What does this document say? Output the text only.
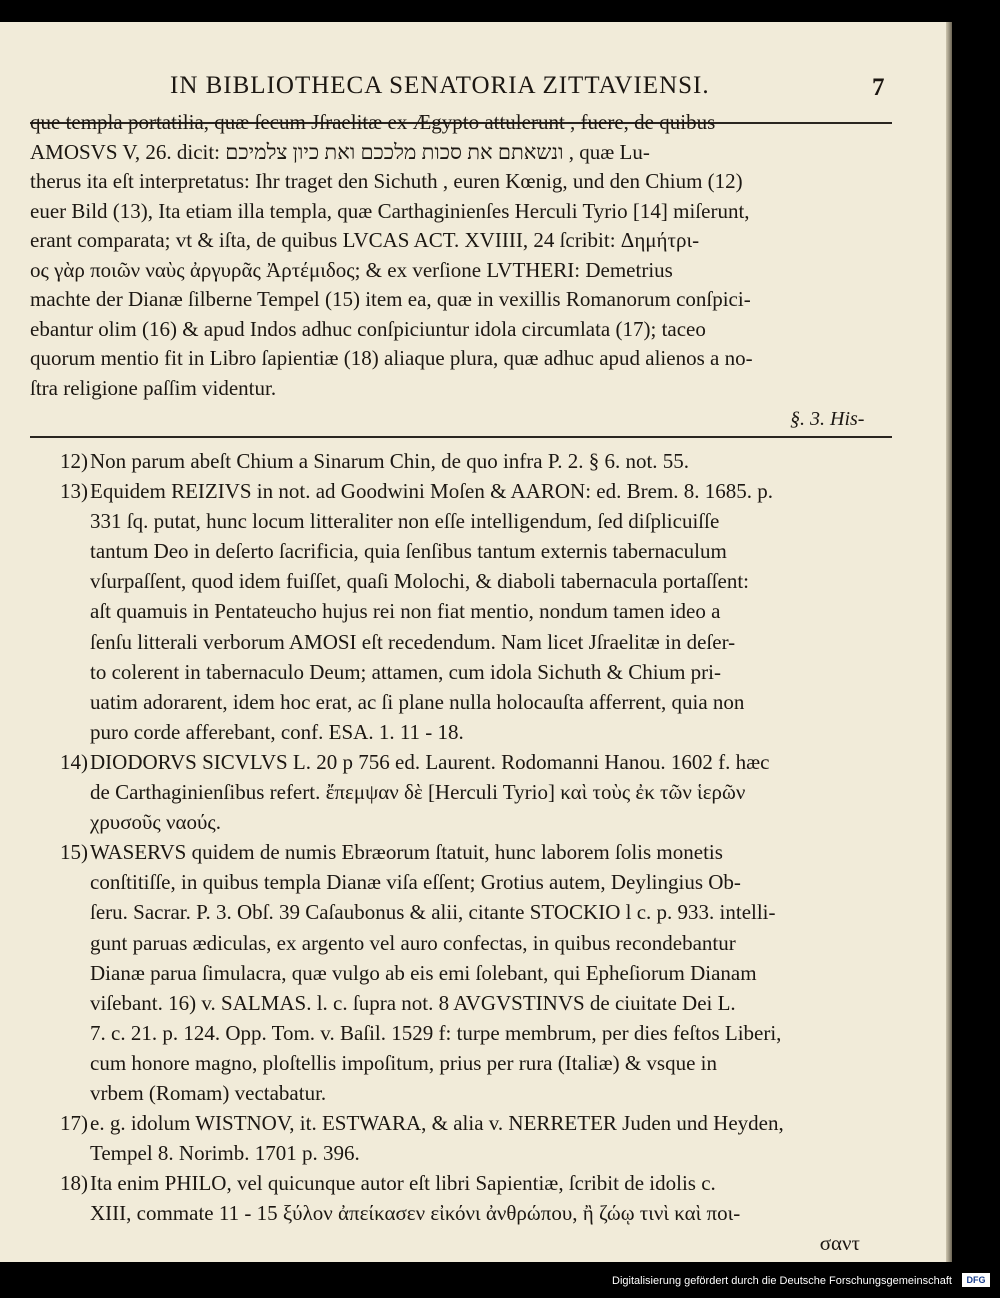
IN BIBLIOTHECA SENATORIA ZITTAVIENSI.	7
que templa portatilia, quæ ſecum Jſraelitæ ex Ægypto attulerunt , fuere, de quibus
AMOSVS V, 26. dicit: ונשאתם את סכות מלככם ואת כיון צלמיכם , quæ Lu-
therus ita eſt interpretatus: Ihr traget den Sichuth , euren Kœnig, und den Chium (12)
euer Bild (13), Ita etiam illa templa, quæ Carthaginienſes Herculi Tyrio [14] miſerunt,
erant comparata; vt & iſta, de quibus LVCAS ACT. XVIIII, 24 ſcribit: Δημήτρι-
ος γὰρ ποιῶν ναὺς ἀργυρᾶς Ἀρτέμιδος; & ex verſione LVTHERI: Demetrius
machte der Dianæ ſilberne Tempel (15) item ea, quæ in vexillis Romanorum conſpici-
ebantur olim (16) & apud Indos adhuc conſpiciuntur idola circumlata (17); taceo
quorum mentio fit in Libro ſapientiæ (18) aliaque plura, quæ adhuc apud alienos a no-
ſtra religione paſſim videntur.
§. 3. His-
12)Non parum abeſt Chium a Sinarum Chin, de quo infra P. 2. § 6. not. 55.
13)Equidem REIZIVS in not. ad Goodwini Moſen & AARON: ed. Brem. 8. 1685. p.
331 ſq. putat, hunc locum litteraliter non eſſe intelligendum, ſed diſplicuiſſe
tantum Deo in deſerto ſacrificia, quia ſenſibus tantum externis tabernaculum
vſurpaſſent, quod idem fuiſſet, quaſi Molochi, & diaboli tabernacula portaſſent:
aſt quamuis in Pentateucho hujus rei non fiat mentio, nondum tamen ideo a
ſenſu litterali verborum AMOSI eſt recedendum. Nam licet Jſraelitæ in deſer-
to colerent in tabernaculo Deum; attamen, cum idola Sichuth & Chium pri-
uatim adorarent, idem hoc erat, ac ſi plane nulla holocauſta afferrent, quia non
puro corde afferebant, conf. ESA. 1. 11 - 18.
14)DIODORVS SICVLVS L. 20 p 756 ed. Laurent. Rodomanni Hanou. 1602 f. hæc
de Carthaginienſibus refert. ἔπεμψαν δὲ [Herculi Tyrio] καὶ τοὺς ἐκ τῶν ἱερῶν
χρυσοῦς ναούς.
15)WASERVS quidem de numis Ebræorum ſtatuit, hunc laborem ſolis monetis
conſtitiſſe, in quibus templa Dianæ viſa eſſent; Grotius autem, Deylingius Ob-
ſeru. Sacrar. P. 3. Obſ. 39 Caſaubonus & alii, citante STOCKIO l c. p. 933. intelli-
gunt paruas ædiculas, ex argento vel auro confectas, in quibus recondebantur
Dianæ parua ſimulacra, quæ vulgo ab eis emi ſolebant, qui Epheſiorum Dianam
viſebant. 16) v. SALMAS. l. c. ſupra not. 8 AVGVSTINVS de ciuitate Dei L.
7. c. 21. p. 124. Opp. Tom. v. Baſil. 1529 f: turpe membrum, per dies feſtos Liberi,
cum honore magno, ploſtellis impoſitum, prius per rura (Italiæ) & vsque in
vrbem (Romam) vectabatur.
17)e. g. idolum WISTNOV, it. ESTWARA, & alia v. NERRETER Juden und Heyden,
Tempel 8. Norimb. 1701 p. 396.
18)Ita enim PHILO, vel quicunque autor eſt libri Sapientiæ, ſcribit de idolis c.
XIII, commate 11 - 15 ξύλον ἀπείκασεν εἰκόνι ἀνθρώπου, ἢ ζώῳ τινὶ καὶ ποι-
σαντ
Digitalisierung gefördert durch die Deutsche Forschungsgemeinschaft	DFG
